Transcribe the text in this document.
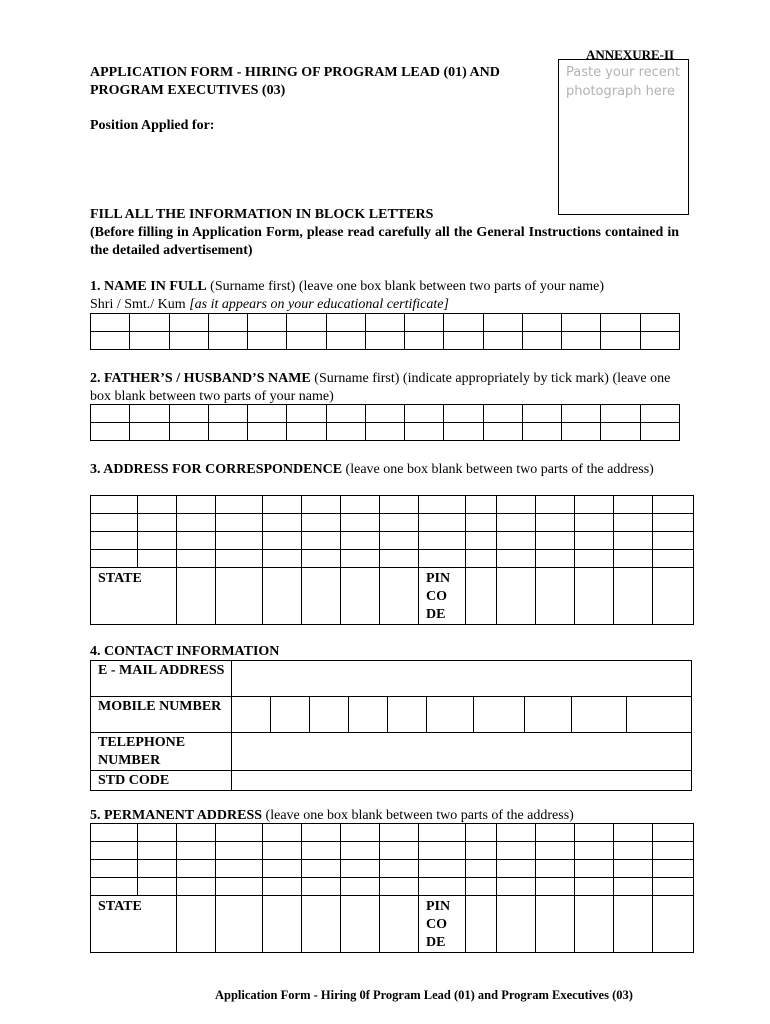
ANNEXURE-II
Paste your recent photograph here
APPLICATION FORM - HIRING OF PROGRAM LEAD (01) AND
PROGRAM EXECUTIVES (03)
Position Applied for:
FILL ALL THE INFORMATION IN BLOCK LETTERS
(Before filling in Application Form, please read carefully all the General Instructions contained in the detailed advertisement)
1. NAME IN FULL (Surname first) (leave one box blank between two parts of your name)
Shri / Smt./ Kum [as it appears on your educational certificate]

2. FATHER’S / HUSBAND’S NAME (Surname first) (indicate appropriately by tick mark) (leave one box blank between two parts of your name)

3. ADDRESS FOR CORRESPONDENCE (leave one box blank between two parts of the address)

STATE								PIN CO DE						
4. CONTACT INFORMATION
E - MAIL ADDRESS										
MOBILE NUMBER										
TELEPHONE NUMBER										
STD CODE										
5. PERMANENT ADDRESS (leave one box blank between two parts of the address)

STATE								PIN CO DE						
Application Form - Hiring 0f Program Lead (01) and Program Executives (03)
